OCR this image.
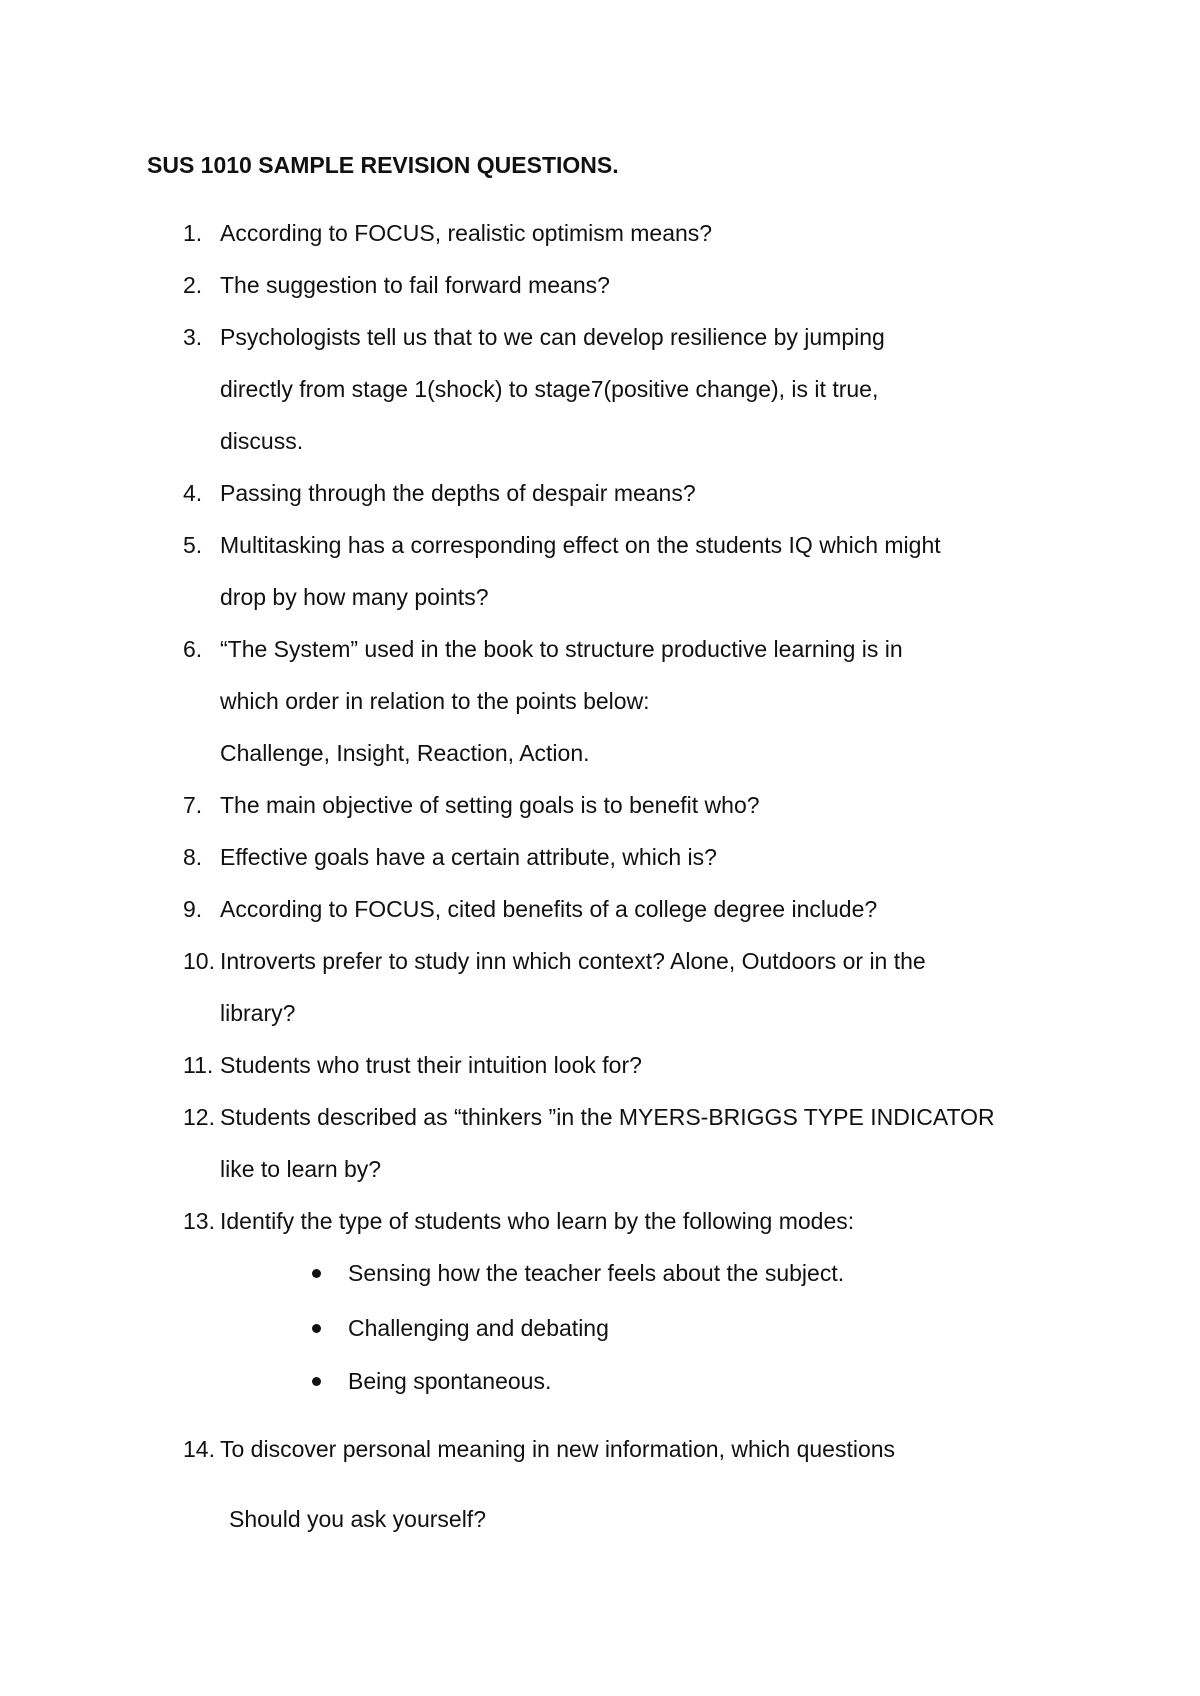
SUS 1010 SAMPLE REVISION QUESTIONS.
1. According to FOCUS, realistic optimism means?
2. The suggestion to fail forward means?
3. Psychologists tell us that to we can develop resilience by jumping
directly from stage 1(shock) to stage7(positive change), is it true,
discuss.
4. Passing through the depths of despair means?
5. Multitasking has a corresponding effect on the students IQ which might
drop by how many points?
6. “The System” used in the book to structure productive learning is in
which order in relation to the points below:
Challenge, Insight, Reaction, Action.
7. The main objective of setting goals is to benefit who?
8. Effective goals have a certain attribute, which is?
9. According to FOCUS, cited benefits of a college degree include?
10. Introverts prefer to study inn which context? Alone, Outdoors or in the
library?
11. Students who trust their intuition look for?
12. Students described as “thinkers ”in the MYERS-BRIGGS TYPE INDICATOR
like to learn by?
13. Identify the type of students who learn by the following modes:
Sensing how the teacher feels about the subject.
Challenging and debating
Being spontaneous.
14. To discover personal meaning in new information, which questions
Should you ask yourself?
